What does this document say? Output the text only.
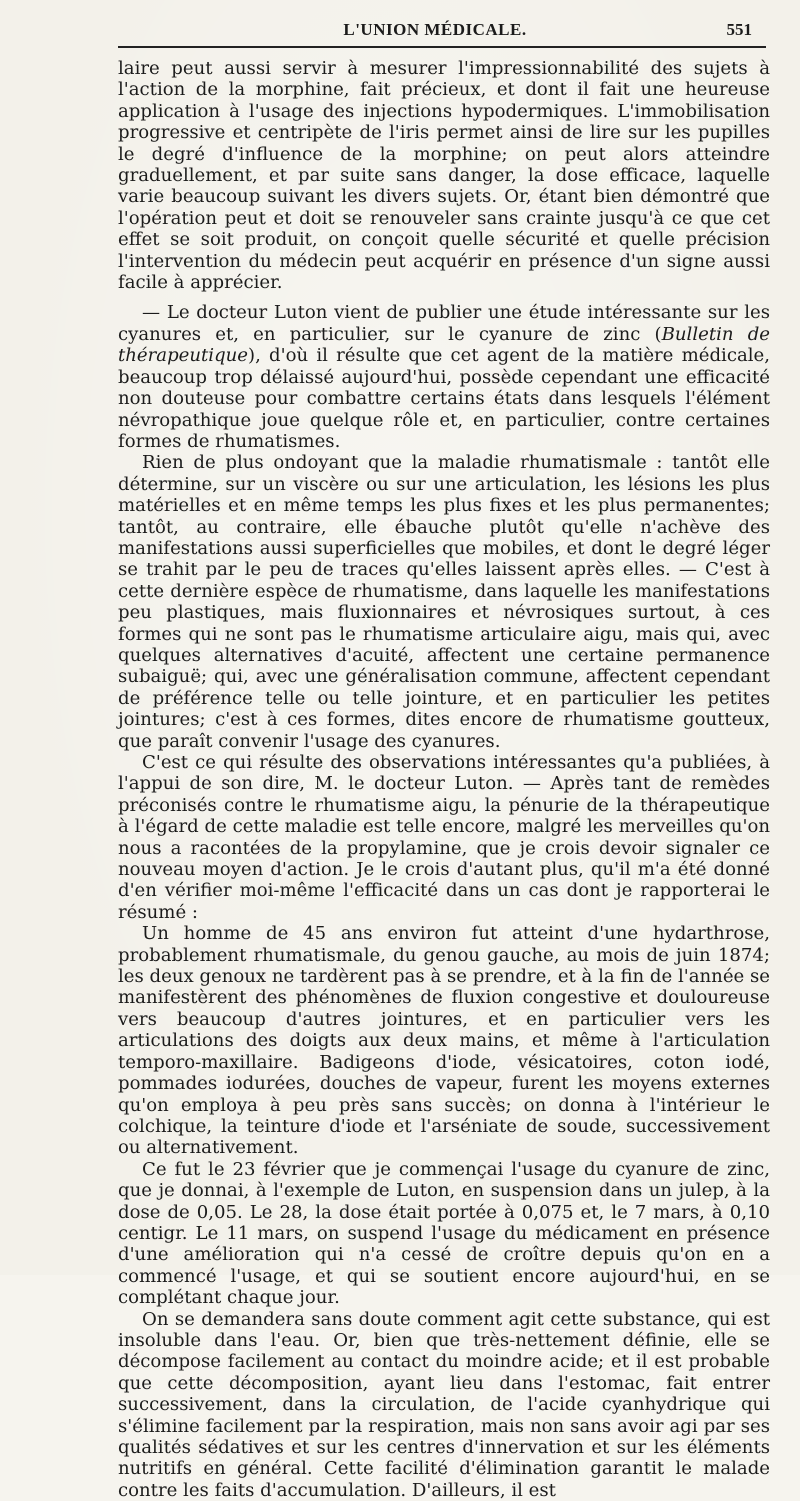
L'UNION MÉDICALE.	551

laire peut aussi servir à mesurer l'impressionnabilité des sujets à l'action de la morphine, fait précieux, et dont il fait une heureuse application à l'usage des injections hypodermiques. L'immobilisation progressive et centripète de l'iris permet ainsi de lire sur les pupilles le degré d'influence de la morphine; on peut alors atteindre graduellement, et par suite sans danger, la dose efficace, laquelle varie beaucoup suivant les divers sujets. Or, étant bien démontré que l'opération peut et doit se renouveler sans crainte jusqu'à ce que cet effet se soit produit, on conçoit quelle sécurité et quelle précision l'intervention du médecin peut acquérir en présence d'un signe aussi facile à apprécier.

— Le docteur Luton vient de publier une étude intéressante sur les cyanures et, en particulier, sur le cyanure de zinc (Bulletin de thérapeutique), d'où il résulte que cet agent de la matière médicale, beaucoup trop délaissé aujourd'hui, possède cependant une efficacité non douteuse pour combattre certains états dans lesquels l'élément névropathique joue quelque rôle et, en particulier, contre certaines formes de rhumatismes.

Rien de plus ondoyant que la maladie rhumatismale : tantôt elle détermine, sur un viscère ou sur une articulation, les lésions les plus matérielles et en même temps les plus fixes et les plus permanentes; tantôt, au contraire, elle ébauche plutôt qu'elle n'achève des manifestations aussi superficielles que mobiles, et dont le degré léger se trahit par le peu de traces qu'elles laissent après elles. — C'est à cette dernière espèce de rhumatisme, dans laquelle les manifestations peu plastiques, mais fluxionnaires et névrosiques surtout, à ces formes qui ne sont pas le rhumatisme articulaire aigu, mais qui, avec quelques alternatives d'acuité, affectent une certaine permanence subaiguë; qui, avec une généralisation commune, affectent cependant de préférence telle ou telle jointure, et en particulier les petites jointures; c'est à ces formes, dites encore de rhumatisme goutteux, que paraît convenir l'usage des cyanures.

C'est ce qui résulte des observations intéressantes qu'a publiées, à l'appui de son dire, M. le docteur Luton. — Après tant de remèdes préconisés contre le rhumatisme aigu, la pénurie de la thérapeutique à l'égard de cette maladie est telle encore, malgré les merveilles qu'on nous a racontées de la propylamine, que je crois devoir signaler ce nouveau moyen d'action. Je le crois d'autant plus, qu'il m'a été donné d'en vérifier moi-même l'efficacité dans un cas dont je rapporterai le résumé :

Un homme de 45 ans environ fut atteint d'une hydarthrose, probablement rhumatismale, du genou gauche, au mois de juin 1874; les deux genoux ne tardèrent pas à se prendre, et à la fin de l'année se manifestèrent des phénomènes de fluxion congestive et douloureuse vers beaucoup d'autres jointures, et en particulier vers les articulations des doigts aux deux mains, et même à l'articulation temporo-maxillaire. Badigeons d'iode, vésicatoires, coton iodé, pommades iodurées, douches de vapeur, furent les moyens externes qu'on employa à peu près sans succès; on donna à l'intérieur le colchique, la teinture d'iode et l'arséniate de soude, successivement ou alternativement.

Ce fut le 23 février que je commençai l'usage du cyanure de zinc, que je donnai, à l'exemple de Luton, en suspension dans un julep, à la dose de 0,05. Le 28, la dose était portée à 0,075 et, le 7 mars, à 0,10 centigr. Le 11 mars, on suspend l'usage du médicament en présence d'une amélioration qui n'a cessé de croître depuis qu'on en a commencé l'usage, et qui se soutient encore aujourd'hui, en se complétant chaque jour.

On se demandera sans doute comment agit cette substance, qui est insoluble dans l'eau. Or, bien que très-nettement définie, elle se décompose facilement au contact du moindre acide; et il est probable que cette décomposition, ayant lieu dans l'estomac, fait entrer successivement, dans la circulation, de l'acide cyanhydrique qui s'élimine facilement par la respiration, mais non sans avoir agi par ses qualités sédatives et sur les centres d'innervation et sur les éléments nutritifs en général. Cette facilité d'élimination garantit le malade contre les faits d'accumulation. D'ailleurs, il est
